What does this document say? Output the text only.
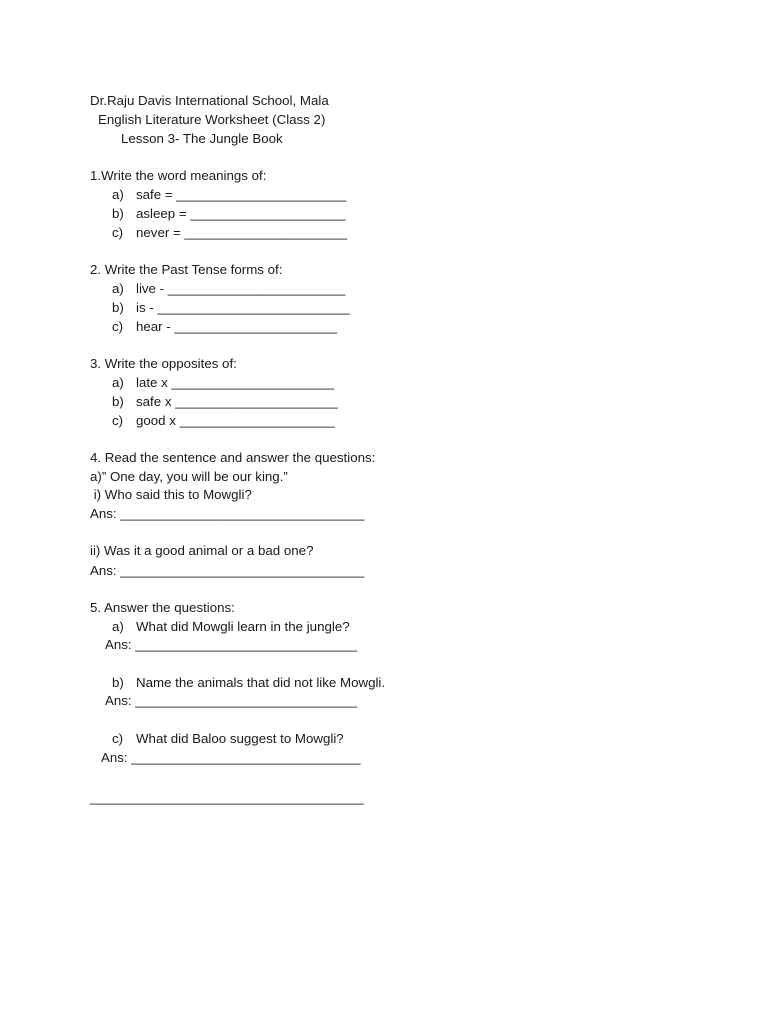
Dr.Raju Davis International School, Mala
English Literature Worksheet (Class 2)
Lesson 3- The Jungle Book
1.Write the word meanings of:
a) safe = _______________________
b) asleep = _____________________
c) never = ______________________
2. Write the Past Tense forms of:
a) live - ________________________
b) is - __________________________
c) hear - ______________________
3. Write the opposites of:
a) late x ______________________
b) safe x ______________________
c) good x _____________________
4. Read the sentence and answer the questions:
a)” One day, you will be our king.”
i) Who said this to Mowgli?
Ans: _________________________________
ii) Was it a good animal or a bad one?
Ans: _________________________________
5. Answer the questions:
a) What did Mowgli learn in the jungle?
Ans: ______________________________
b) Name the animals that did not like Mowgli.
Ans: ______________________________
c) What did Baloo suggest to Mowgli?
Ans: _______________________________
_____________________________________
